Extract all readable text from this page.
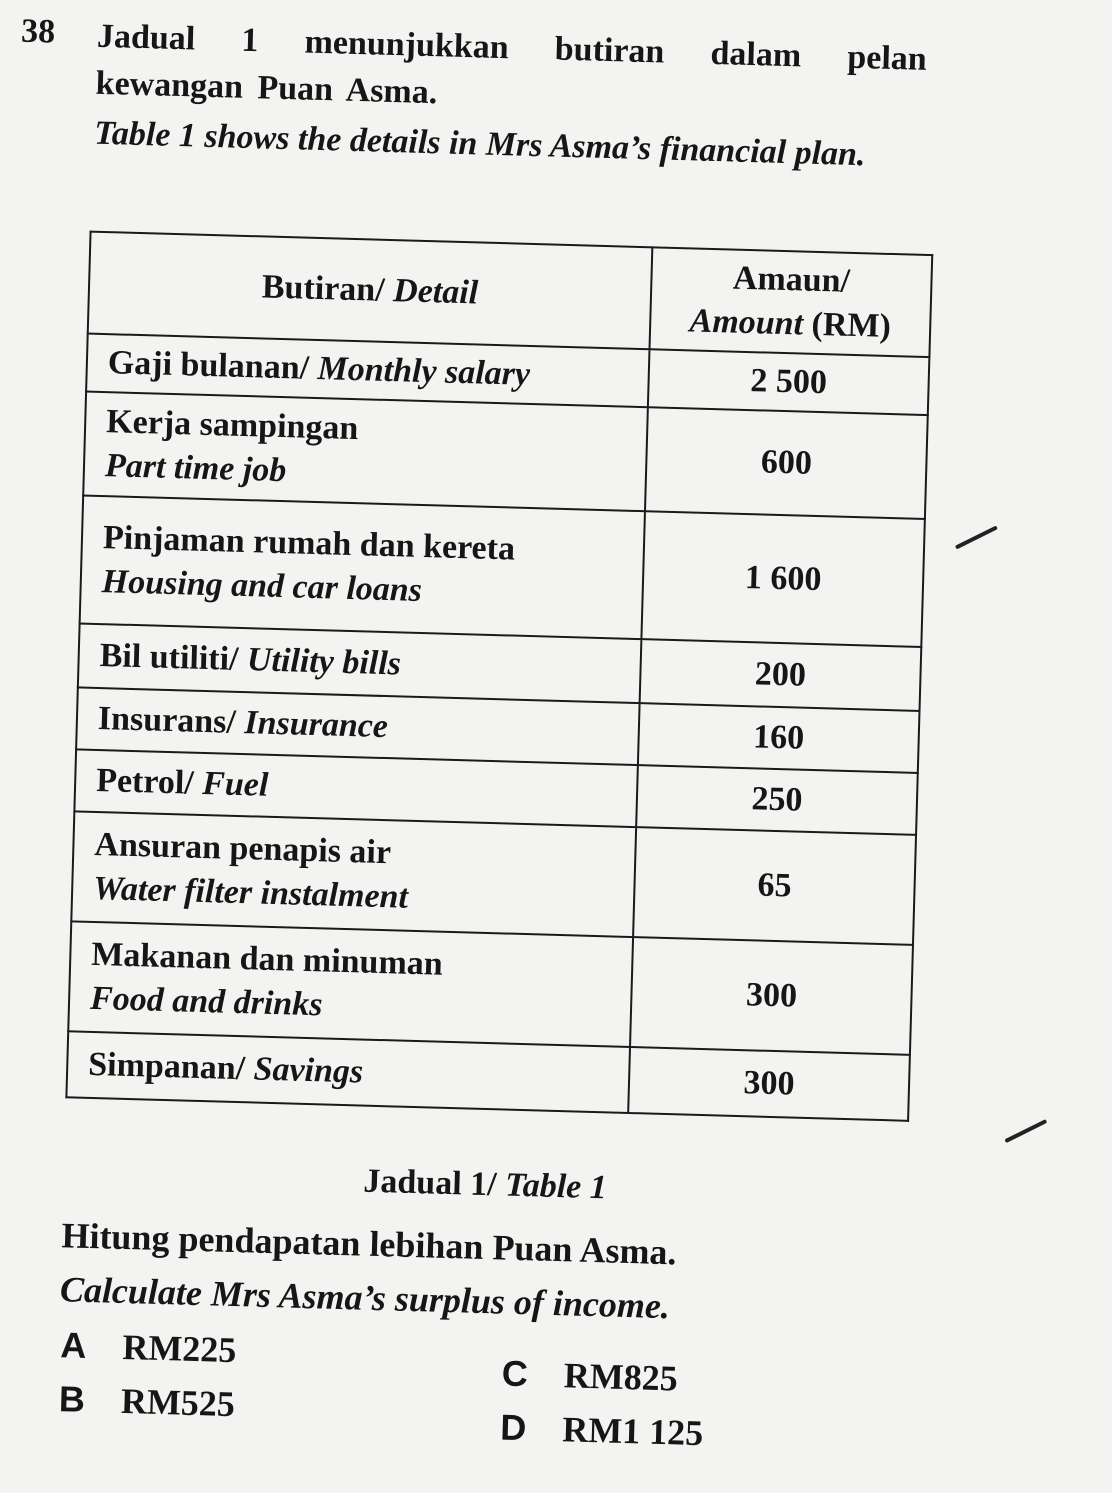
38 Jadual 1 menunjukkan butiran dalam pelan kewangan Puan Asma.
Table 1 shows the details in Mrs Asma’s financial plan.
Butiran/ Detail	Amaun/
Amount (RM)
Gaji bulanan/ Monthly salary	2 500
Kerja sampingan
Part time job	600
Pinjaman rumah dan kereta
Housing and car loans	1 600
Bil utiliti/ Utility bills	200
Insurans/ Insurance	160
Petrol/ Fuel	250
Ansuran penapis air
Water filter instalment	65
Makanan dan minuman
Food and drinks	300
Simpanan/ Savings	300
Jadual 1/ Table 1
Hitung pendapatan lebihan Puan Asma.
Calculate Mrs Asma’s surplus of income.
A RM225
B RM525
C RM825
D RM1 125
